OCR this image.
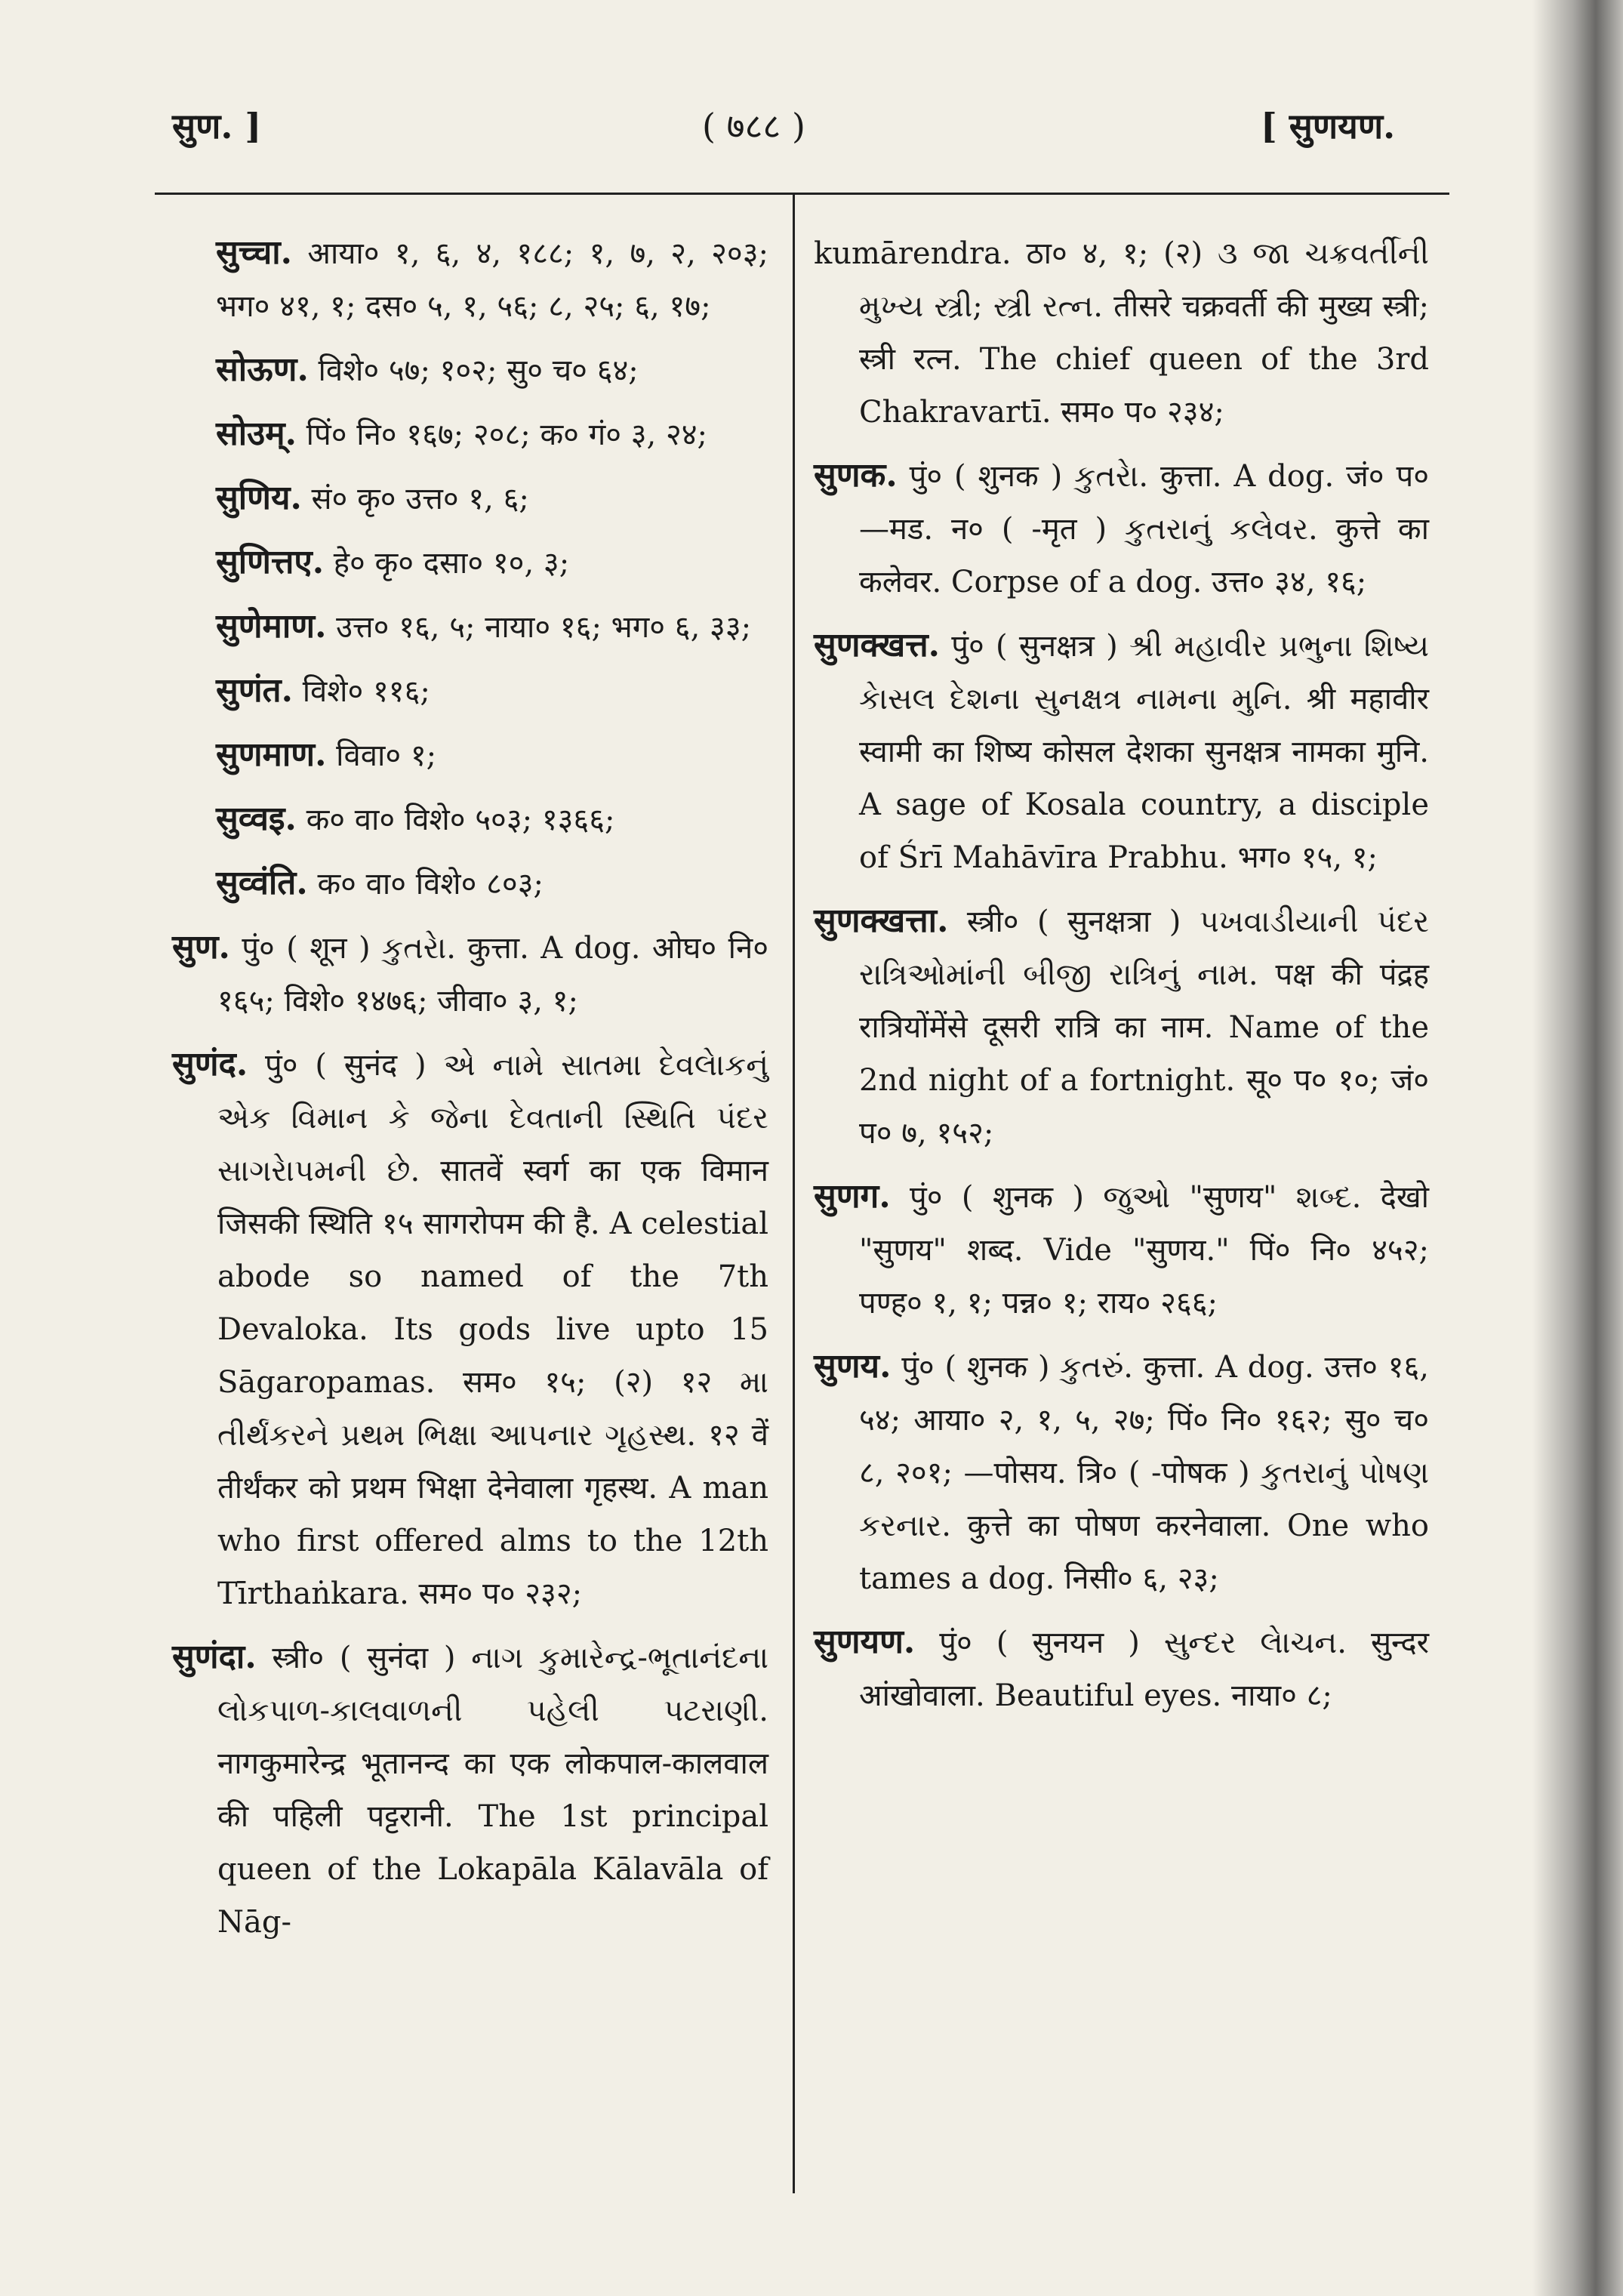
सुण. ]	( ७८८ )	[ सुणयण.
सुच्चा. आया० १, ६, ४, १८८; १, ७, २, २०३; भग० ४१, १; दस० ५, १, ५६; ८, २५; ६, १७;
सोऊण. विशे० ५७; १०२; सु० च० ६४;
सोउम्. पिं० नि० १६७; २०८; क० गं० ३, २४;
सुणिय. सं० कृ० उत्त० १, ६;
सुणित्तए. हे० कृ० दसा० १०, ३;
सुणेमाण. उत्त० १६, ५; नाया० १६; भग० ६, ३३;
सुणंत. विशे० ११६;
सुणमाण. विवा० १;
सुव्वइ. क० वा० विशे० ५०३; १३६६;
सुव्वंति. क० वा० विशे० ८०३;
सुण. पुं० ( शून ) કુતરેા. कुत्ता. A dog. ओघ० नि० १६५; विशे० १४७६; जीवा० ३, १;
सुणंद. पुं० ( सुनंद ) એ નામે સાતમા દેવલેાકનું એક વિમાન કે જેના દેવતાની સ્થિતિ પંદર સાગરેાપમની છે. सातवें स्वर्ग का एक विमान जिसकी स्थिति १५ सागरोपम की है. A celestial abode so named of the 7th Devaloka. Its gods live upto 15 Sāgaropamas. सम० १५; (२) १२ મા તીર્થંકરને પ્રથમ ભિક્ષા આપનાર ગૃહસ્થ. १२ वें तीर्थंकर को प्रथम भिक्षा देनेवाला गृहस्थ. A man who first offered alms to the 12th Tīrthaṅkara. सम० प० २३२;
सुणंदा. स्त्री० ( सुनंदा ) નાગ કુમારેન્દ્ર-ભૂતાનંદના લોકપાળ-કાલવાળની પહેલી પટરાણી. नागकुमारेन्द्र भूतानन्द का एक लोकपाल-कालवाल की पहिली पट्टरानी. The 1st principal queen of the Lokapāla Kālavāla of Nāg-
kumārendra. ठा० ४, १; (२) ૩ જા ચક્રવર્તીની મુખ્ય સ્ત્રી; સ્ત્રી રત્ન. तीसरे चक्रवर्ती की मुख्य स्त्री; स्त्री रत्न. The chief queen of the 3rd Chakravartī. सम० प० २३४;
सुणक. पुं० ( शुनक ) કુતરેા. कुत्ता. A dog. जं० प० —मड. न० ( -मृत ) કુતરાનું કલેવર. कुत्ते का कलेवर. Corpse of a dog. उत्त० ३४, १६;
सुणक्खत्त. पुं० ( सुनक्षत्र ) શ્રી મહાવીર પ્રભુના શિષ્ય કેાસલ દેશના સુનક્ષત્ર નામના મુનિ. श्री महावीर स्वामी का शिष्य कोसल देशका सुनक्षत्र नामका मुनि. A sage of Kosala country, a disciple of Śrī Mahāvīra Prabhu. भग० १५, १;
सुणक्खत्ता. स्त्री० ( सुनक्षत्रा ) પખવાડીયાની પંદર રાત્રિઓમાંની બીજી રાત્રિનું નામ. पक्ष की पंद्रह रात्रियोंमेंसे दूसरी रात्रि का नाम. Name of the 2nd night of a fortnight. सू० प० १०; जं० प० ७, १५२;
सुणग. पुं० ( शुनक ) જુઓ "सुणय" શબ્દ. देखो "सुणय" शब्द. Vide "सुणय." पिं० नि० ४५२; पण्ह० १, १; पन्न० १; राय० २६६;
सुणय. पुं० ( शुनक ) કુતરું. कुत्ता. A dog. उत्त० १६, ५४; आया० २, १, ५, २७; पिं० नि० १६२; सु० च० ८, २०१; —पोसय. त्रि० ( -पोषक ) કુતરાનું પોષણ કરનાર. कुत्ते का पोषण करनेवाला. One who tames a dog. निसी० ६, २३;
सुणयण. पुं० ( सुनयन ) સુન્દર લેાચન. सुन्दर आंखोवाला. Beautiful eyes. नाया० ८;
